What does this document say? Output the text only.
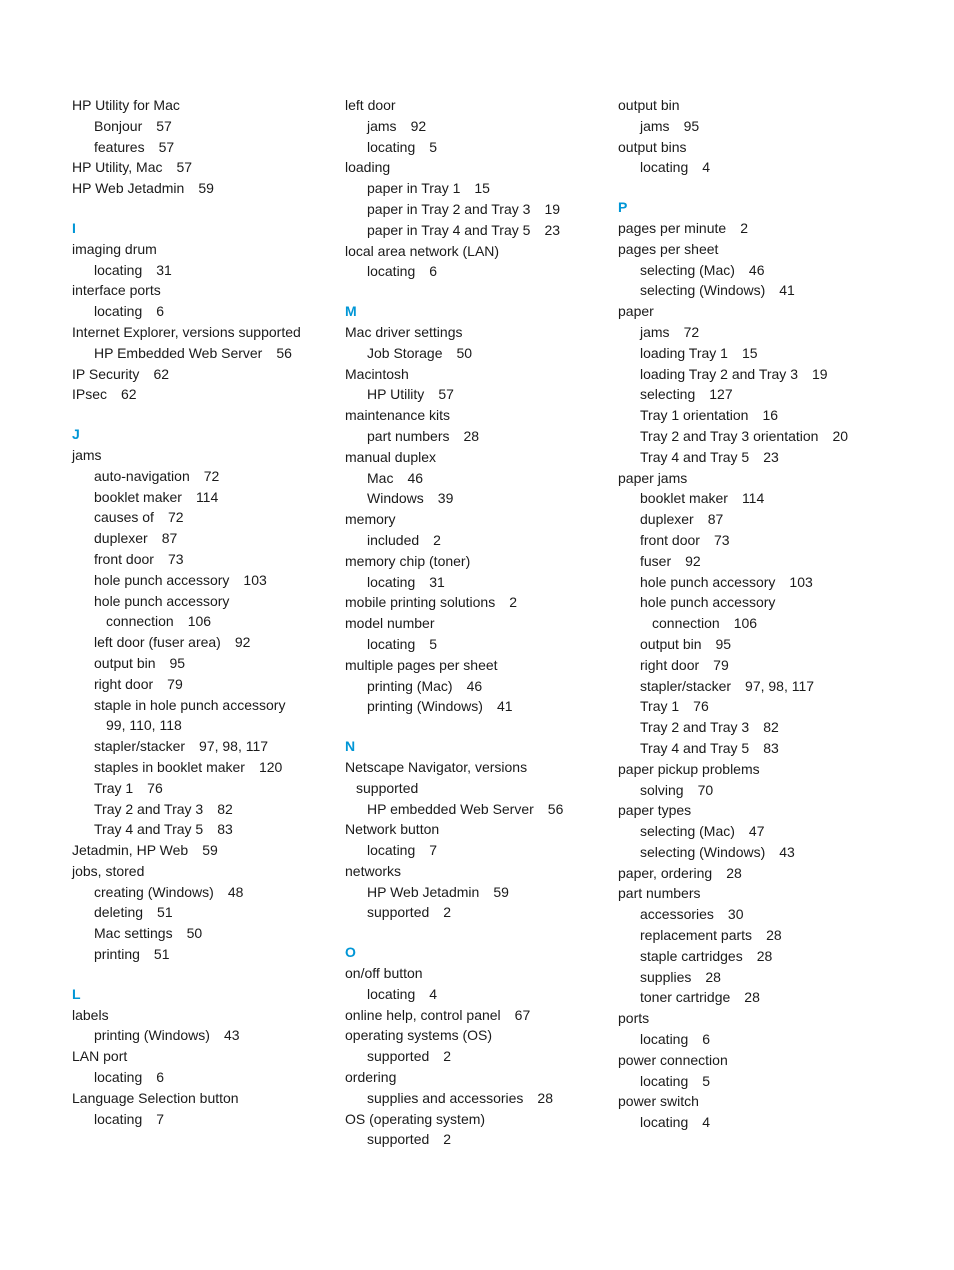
HP Utility for Mac
Bonjour 57
features 57
HP Utility, Mac 57
HP Web Jetadmin 59
I
imaging drum
locating 31
interface ports
locating 6
Internet Explorer, versions supported
HP Embedded Web Server 56
IP Security 62
IPsec 62
J
jams
auto-navigation 72
booklet maker 114
causes of 72
duplexer 87
front door 73
hole punch accessory 103
hole punch accessory
connection 106
left door (fuser area) 92
output bin 95
right door 79
staple in hole punch accessory
99, 110, 118
stapler/stacker 97, 98, 117
staples in booklet maker 120
Tray 1 76
Tray 2 and Tray 3 82
Tray 4 and Tray 5 83
Jetadmin, HP Web 59
jobs, stored
creating (Windows) 48
deleting 51
Mac settings 50
printing 51
L
labels
printing (Windows) 43
LAN port
locating 6
Language Selection button
locating 7
left door
jams 92
locating 5
loading
paper in Tray 1 15
paper in Tray 2 and Tray 3 19
paper in Tray 4 and Tray 5 23
local area network (LAN)
locating 6
M
Mac driver settings
Job Storage 50
Macintosh
HP Utility 57
maintenance kits
part numbers 28
manual duplex
Mac 46
Windows 39
memory
included 2
memory chip (toner)
locating 31
mobile printing solutions 2
model number
locating 5
multiple pages per sheet
printing (Mac) 46
printing (Windows) 41
N
Netscape Navigator, versions
supported
HP embedded Web Server 56
Network button
locating 7
networks
HP Web Jetadmin 59
supported 2
O
on/off button
locating 4
online help, control panel 67
operating systems (OS)
supported 2
ordering
supplies and accessories 28
OS (operating system)
supported 2
output bin
jams 95
output bins
locating 4
P
pages per minute 2
pages per sheet
selecting (Mac) 46
selecting (Windows) 41
paper
jams 72
loading Tray 1 15
loading Tray 2 and Tray 3 19
selecting 127
Tray 1 orientation 16
Tray 2 and Tray 3 orientation 20
Tray 4 and Tray 5 23
paper jams
booklet maker 114
duplexer 87
front door 73
fuser 92
hole punch accessory 103
hole punch accessory
connection 106
output bin 95
right door 79
stapler/stacker 97, 98, 117
Tray 1 76
Tray 2 and Tray 3 82
Tray 4 and Tray 5 83
paper pickup problems
solving 70
paper types
selecting (Mac) 47
selecting (Windows) 43
paper, ordering 28
part numbers
accessories 30
replacement parts 28
staple cartridges 28
supplies 28
toner cartridge 28
ports
locating 6
power connection
locating 5
power switch
locating 4
